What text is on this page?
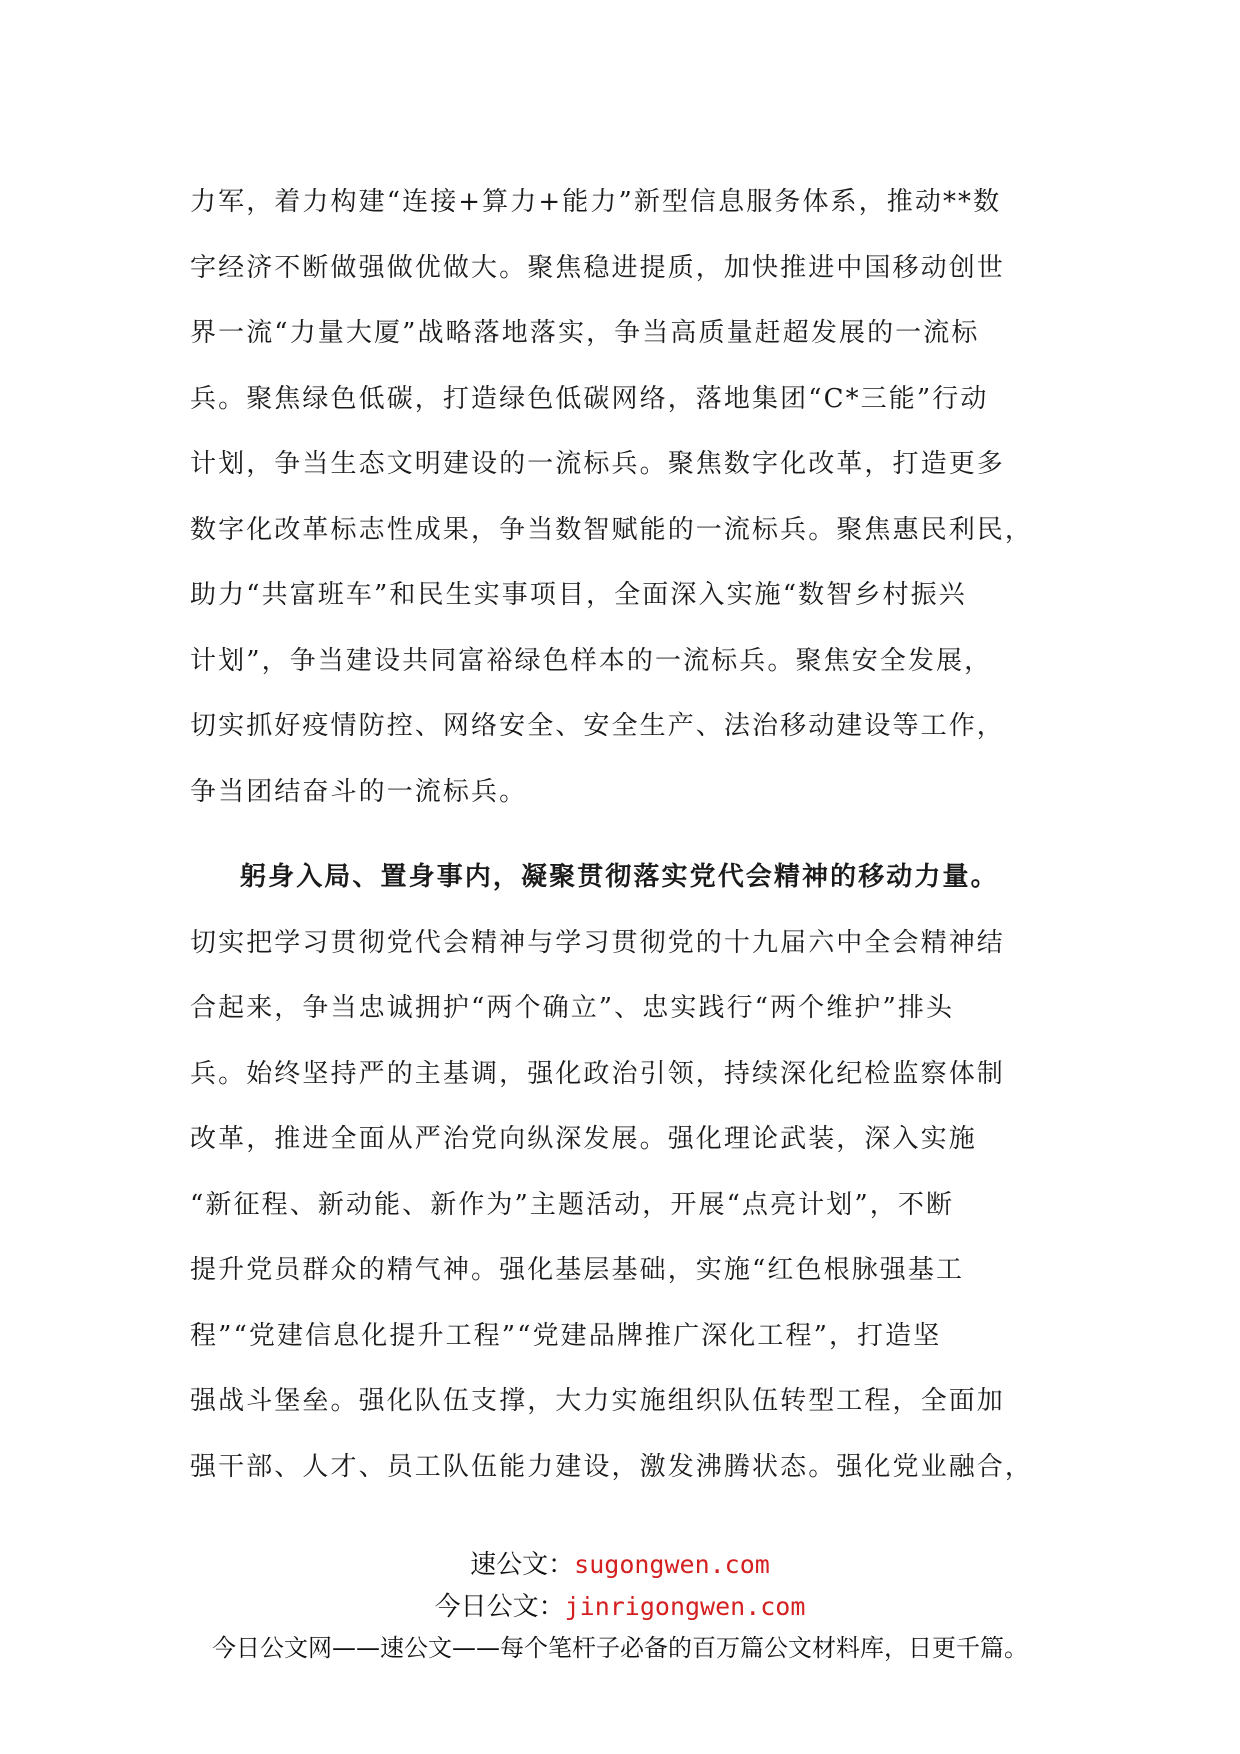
力军，着力构建“连接+算力+能力”新型信息服务体系，推动**数
字经济不断做强做优做大。聚焦稳进提质，加快推进中国移动创世
界一流“力量大厦”战略落地落实，争当高质量赶超发展的一流标
兵。聚焦绿色低碳，打造绿色低碳网络，落地集团“C*三能”行动
计划，争当生态文明建设的一流标兵。聚焦数字化改革，打造更多
数字化改革标志性成果，争当数智赋能的一流标兵。聚焦惠民利民，
助力“共富班车”和民生实事项目，全面深入实施“数智乡村振兴
计划”，争当建设共同富裕绿色样本的一流标兵。聚焦安全发展，
切实抓好疫情防控、网络安全、安全生产、法治移动建设等工作，
争当团结奋斗的一流标兵。
躬身入局、置身事内，凝聚贯彻落实党代会精神的移动力量。
切实把学习贯彻党代会精神与学习贯彻党的十九届六中全会精神结
合起来，争当忠诚拥护“两个确立”、忠实践行“两个维护”排头
兵。始终坚持严的主基调，强化政治引领，持续深化纪检监察体制
改革，推进全面从严治党向纵深发展。强化理论武装，深入实施
“新征程、新动能、新作为”主题活动，开展“点亮计划”，不断
提升党员群众的精气神。强化基层基础，实施“红色根脉强基工
程”“党建信息化提升工程”“党建品牌推广深化工程”，打造坚
强战斗堡垒。强化队伍支撑，大力实施组织队伍转型工程，全面加
强干部、人才、员工队伍能力建设，激发沸腾状态。强化党业融合，
速公文：sugongwen.com
今日公文：jinrigongwen.com
今日公文网——速公文——每个笔杆子必备的百万篇公文材料库，日更千篇。
